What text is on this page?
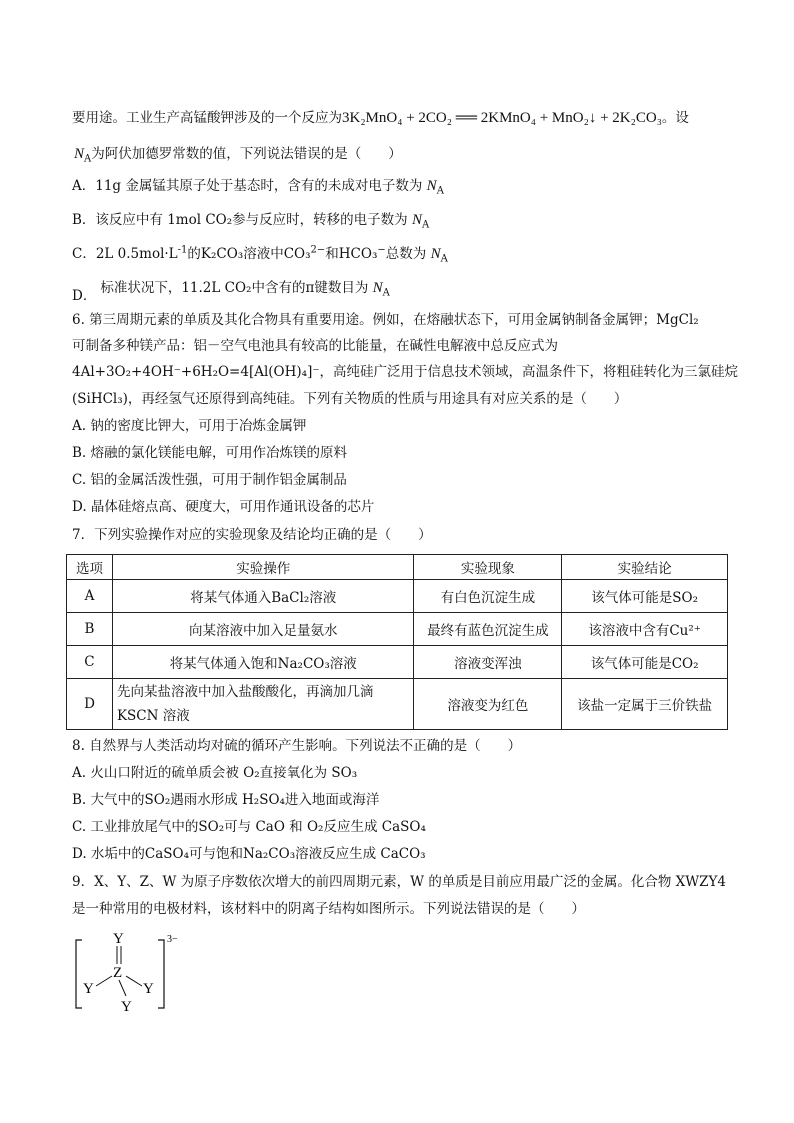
要用途。工业生产高锰酸钾涉及的一个反应为3K₂MnO₄ + 2CO₂ ══ 2KMnO₄ + MnO₂↓ + 2K₂CO₃。设
$N_A$为阿伏加德罗常数的值，下列说法错误的是（　　）
A．11g 金属锰其原子处于基态时，含有的未成对电子数为 $N_A$
B．该反应中有 1mol CO₂参与反应时，转移的电子数为 $N_A$
C．2L $0.5mol\cdot L^{-1}$的K₂CO₃溶液中CO₃$^{2-}$和HCO₃−总数为 $N_A$
D． 标准状况下，11.2L CO₂中含有的π键数目为 $N_A$
6. 第三周期元素的单质及其化合物具有重要用途。例如，在熔融状态下，可用金属钠制备金属钾；MgCl₂
可制备多种镁产品：铝－空气电池具有较高的比能量，在碱性电解液中总反应式为
4Al+3O₂+4OH⁻+6H₂O=4[Al(OH)₄]⁻，高纯硅广泛用于信息技术领域，高温条件下，将粗硅转化为三氯硅烷
(SiHCl₃)，再经氢气还原得到高纯硅。下列有关物质的性质与用途具有对应关系的是（　　）
A. 钠的密度比钾大，可用于冶炼金属钾
B. 熔融的氯化镁能电解，可用作冶炼镁的原料
C. 铝的金属活泼性强，可用于制作铝金属制品
D. 晶体硅熔点高、硬度大，可用作通讯设备的芯片
7．下列实验操作对应的实验现象及结论均正确的是（　　）
选项	实验操作	实验现象	实验结论
A	将某气体通入BaCl₂溶液	有白色沉淀生成	该气体可能是SO₂
B	向某溶液中加入足量氨水	最终有蓝色沉淀生成	该溶液中含有Cu²⁺
C	将某气体通入饱和Na₂CO₃溶液	溶液变浑浊	该气体可能是CO₂
D	先向某盐溶液中加入盐酸酸化，再滴加几滴
KSCN 溶液	溶液变为红色	该盐一定属于三价铁盐
8. 自然界与人类活动均对硫的循环产生影响。下列说法不正确的是（　　）
A. 火山口附近的硫单质会被 O₂直接氧化为 SO₃
B. 大气中的SO₂遇雨水形成 H₂SO₄进入地面或海洋
C. 工业排放尾气中的SO₂可与 CaO 和 O₂反应生成 CaSO₄
D. 水垢中的CaSO₄可与饱和Na₂CO₃溶液反应生成 CaCO₃
9．X、Y、Z、W 为原子序数依次增大的前四周期元素，W 的单质是目前应用最广泛的金属。化合物 XWZY4
是一种常用的电极材料，该材料中的阴离子结构如图所示。下列说法错误的是（　　）
Y
Z
Y	Y
Y
3−
